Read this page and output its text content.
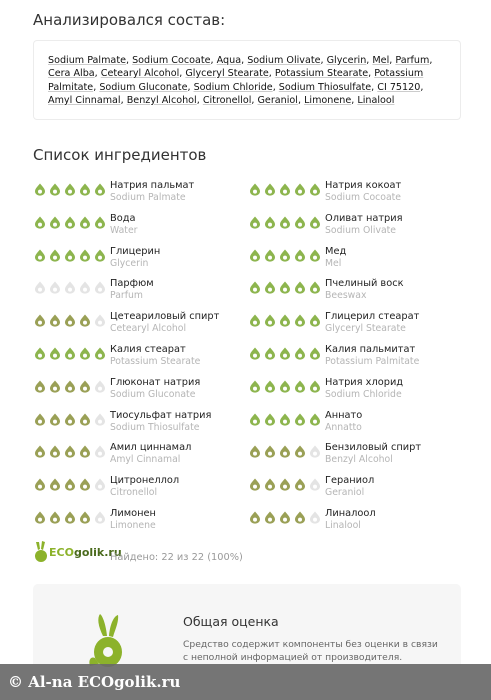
Анализировался состав:
Sodium Palmate, Sodium Cocoate, Aqua, Sodium Olivate, Glycerin, Mel, Parfum, Cera Alba, Cetearyl Alcohol, Glyceryl Stearate, Potassium Stearate, Potassium Palmitate, Sodium Gluconate, Sodium Chloride, Sodium Thiosulfate, CI 75120, Amyl Cinnamal, Benzyl Alcohol, Citronellol, Geraniol, Limonene, Linalool
Список ингредиентов
Натрия пальмат
Sodium Palmate
Натрия кокоат
Sodium Cocoate
Вода
Water
Оливат натрия
Sodium Olivate
Глицерин
Glycerin
Мед
Mel
Парфюм
Parfum
Пчелиный воск
Beeswax
Цетеариловый спирт
Cetearyl Alcohol
Глицерил стеарат
Glyceryl Stearate
Калия стеарат
Potassium Stearate
Калия пальмитат
Potassium Palmitate
Глюконат натрия
Sodium Gluconate
Натрия хлорид
Sodium Chloride
Тиосульфат натрия
Sodium Thiosulfate
Аннато
Annatto
Амил циннамал
Amyl Cinnamal
Бензиловый спирт
Benzyl Alcohol
Цитронеллол
Citronellol
Гераниол
Geraniol
Лимонен
Limonene
Линалоол
Linalool
ECOgolik.ru
Найдено: 22 из 22 (100%)
Общая оценка
Средство содержит компоненты без оценки в связи с неполной информацией от производителя.
© Al-na ECOgolik.ru
